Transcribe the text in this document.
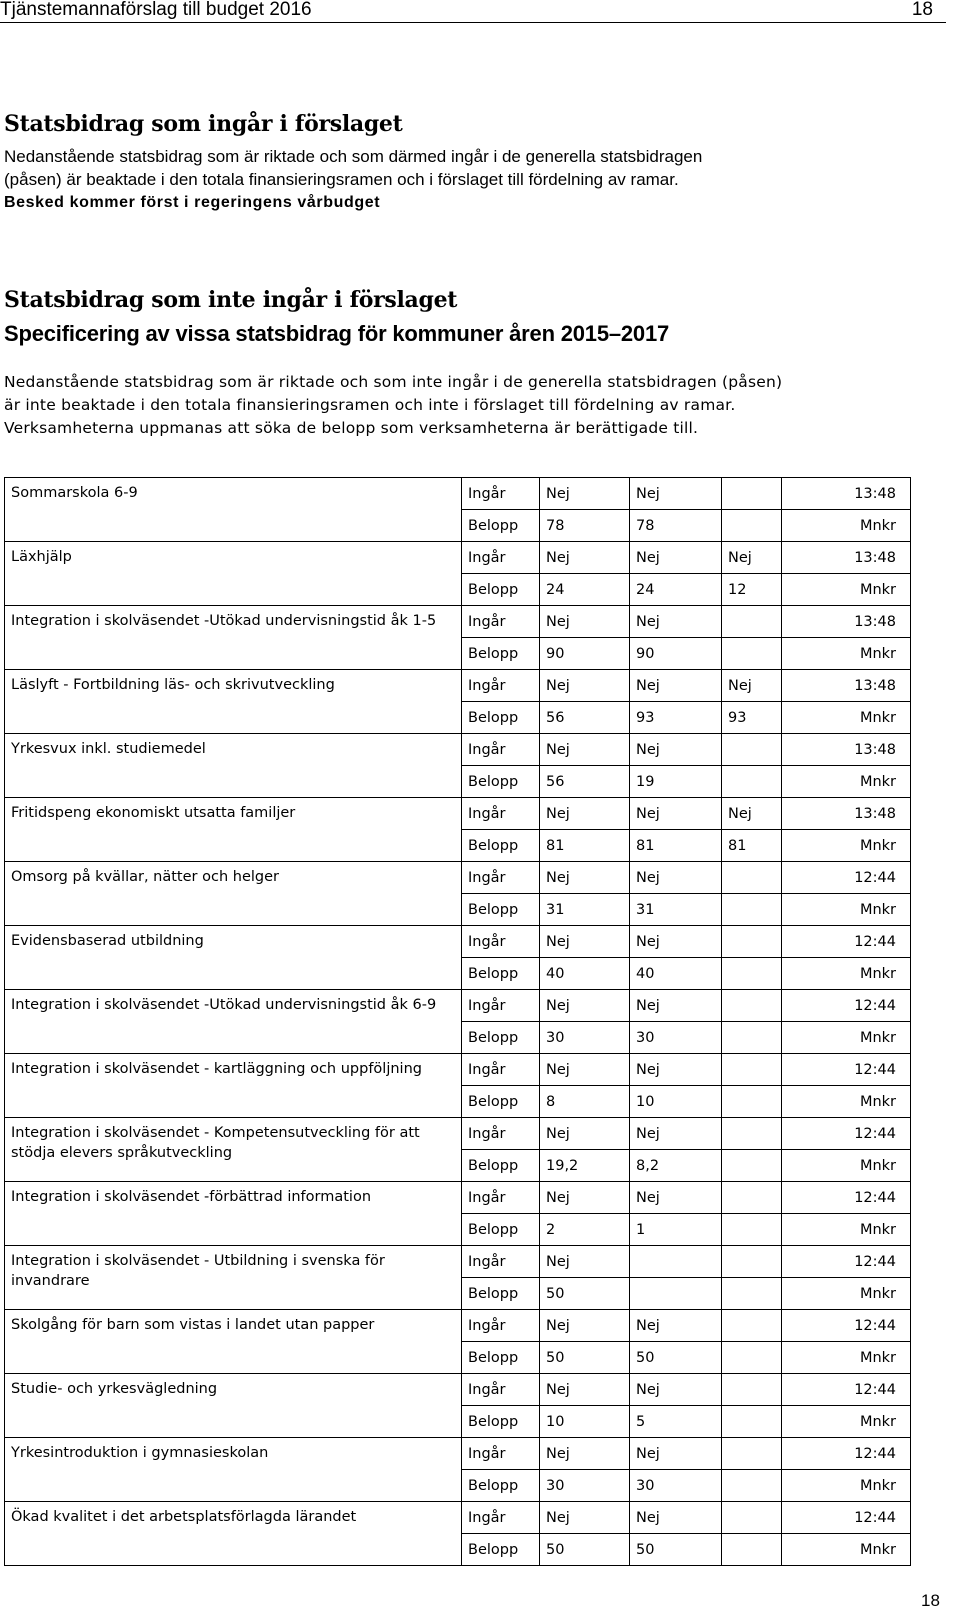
Tjänstemannaförslag till budget 2016	18
Statsbidrag som ingår i förslaget
Nedanstående statsbidrag som är riktade och som därmed ingår i de generella statsbidragen
(påsen) är beaktade i den totala finansieringsramen och i förslaget till fördelning av ramar.
Besked kommer först i regeringens vårbudget
Statsbidrag som inte ingår i förslaget
Specificering av vissa statsbidrag för kommuner åren 2015–2017
Nedanstående statsbidrag som är riktade och som inte ingår i de generella statsbidragen (påsen)
är inte beaktade i den totala finansieringsramen och inte i förslaget till fördelning av ramar.
Verksamheterna uppmanas att söka de belopp som verksamheterna är berättigade till.
Sommarskola 6-9	Ingår	Nej	Nej		13:48
	Belopp	78	78		Mnkr
Läxhjälp	Ingår	Nej	Nej	Nej	13:48
	Belopp	24	24	12	Mnkr
Integration i skolväsendet -Utökad undervisningstid åk 1-5	Ingår	Nej	Nej		13:48
	Belopp	90	90		Mnkr
Läslyft - Fortbildning läs- och skrivutveckling	Ingår	Nej	Nej	Nej	13:48
	Belopp	56	93	93	Mnkr
Yrkesvux inkl. studiemedel	Ingår	Nej	Nej		13:48
	Belopp	56	19		Mnkr
Fritidspeng ekonomiskt utsatta familjer	Ingår	Nej	Nej	Nej	13:48
	Belopp	81	81	81	Mnkr
Omsorg på kvällar, nätter och helger	Ingår	Nej	Nej		12:44
	Belopp	31	31		Mnkr
Evidensbaserad utbildning	Ingår	Nej	Nej		12:44
	Belopp	40	40		Mnkr
Integration i skolväsendet -Utökad undervisningstid åk 6-9	Ingår	Nej	Nej		12:44
	Belopp	30	30		Mnkr
Integration i skolväsendet - kartläggning och uppföljning	Ingår	Nej	Nej		12:44
	Belopp	8	10		Mnkr
Integration i skolväsendet - Kompetensutveckling för att stödja elevers språkutveckling	Ingår	Nej	Nej		12:44
	Belopp	19,2	8,2		Mnkr
Integration i skolväsendet -förbättrad information	Ingår	Nej	Nej		12:44
	Belopp	2	1		Mnkr
Integration i skolväsendet - Utbildning i svenska för invandrare	Ingår	Nej			12:44
	Belopp	50			Mnkr
Skolgång för barn som vistas i landet utan papper	Ingår	Nej	Nej		12:44
	Belopp	50	50		Mnkr
Studie- och yrkesvägledning	Ingår	Nej	Nej		12:44
	Belopp	10	5		Mnkr
Yrkesintroduktion i gymnasieskolan	Ingår	Nej	Nej		12:44
	Belopp	30	30		Mnkr
Ökad kvalitet i det arbetsplatsförlagda lärandet	Ingår	Nej	Nej		12:44
	Belopp	50	50		Mnkr
18
